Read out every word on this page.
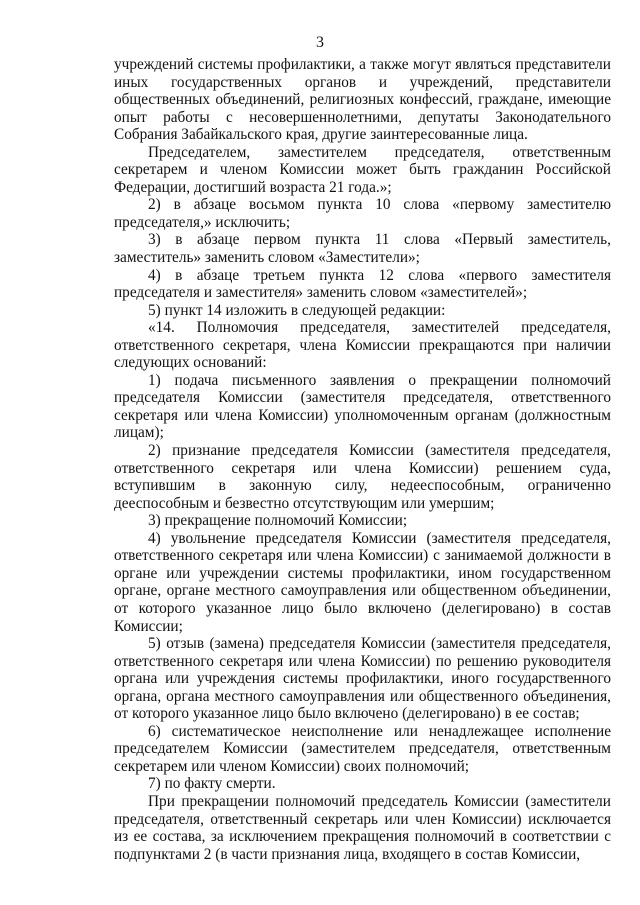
3

учреждений системы профилактики, а также могут являться представители иных государственных органов и учреждений, представители общественных объединений, религиозных конфессий, граждане, имеющие опыт работы с несовершеннолетними, депутаты Законодательного Собрания Забайкальского края, другие заинтересованные лица.

Председателем, заместителем председателя, ответственным секретарем и членом Комиссии может быть гражданин Российской Федерации, достигший возраста 21 года.»;

2) в абзаце восьмом пункта 10 слова «первому заместителю председателя,» исключить;

3) в абзаце первом пункта 11 слова «Первый заместитель, заместитель» заменить словом «Заместители»;

4) в абзаце третьем пункта 12 слова «первого заместителя председателя и заместителя» заменить словом «заместителей»;

5) пункт 14 изложить в следующей редакции:

«14. Полномочия председателя, заместителей председателя, ответственного секретаря, члена Комиссии прекращаются при наличии следующих оснований:

1) подача письменного заявления о прекращении полномочий председателя Комиссии (заместителя председателя, ответственного секретаря или члена Комиссии) уполномоченным органам (должностным лицам);

2) признание председателя Комиссии (заместителя председателя, ответственного секретаря или члена Комиссии) решением суда, вступившим в законную силу, недееспособным, ограниченно дееспособным и безвестно отсутствующим или умершим;

3) прекращение полномочий Комиссии;

4) увольнение председателя Комиссии (заместителя председателя, ответственного секретаря или члена Комиссии) с занимаемой должности в органе или учреждении системы профилактики, ином государственном органе, органе местного самоуправления или общественном объединении, от которого указанное лицо было включено (делегировано) в состав Комиссии;

5) отзыв (замена) председателя Комиссии (заместителя председателя, ответственного секретаря или члена Комиссии) по решению руководителя органа или учреждения системы профилактики, иного государственного органа, органа местного самоуправления или общественного объединения, от которого указанное лицо было включено (делегировано) в ее состав;

6) систематическое неисполнение или ненадлежащее исполнение председателем Комиссии (заместителем председателя, ответственным секретарем или членом Комиссии) своих полномочий;

7) по факту смерти.

При прекращении полномочий председатель Комиссии (заместители председателя, ответственный секретарь или член Комиссии) исключается из ее состава, за исключением прекращения полномочий в соответствии с подпунктами 2 (в части признания лица, входящего в состав Комиссии,
